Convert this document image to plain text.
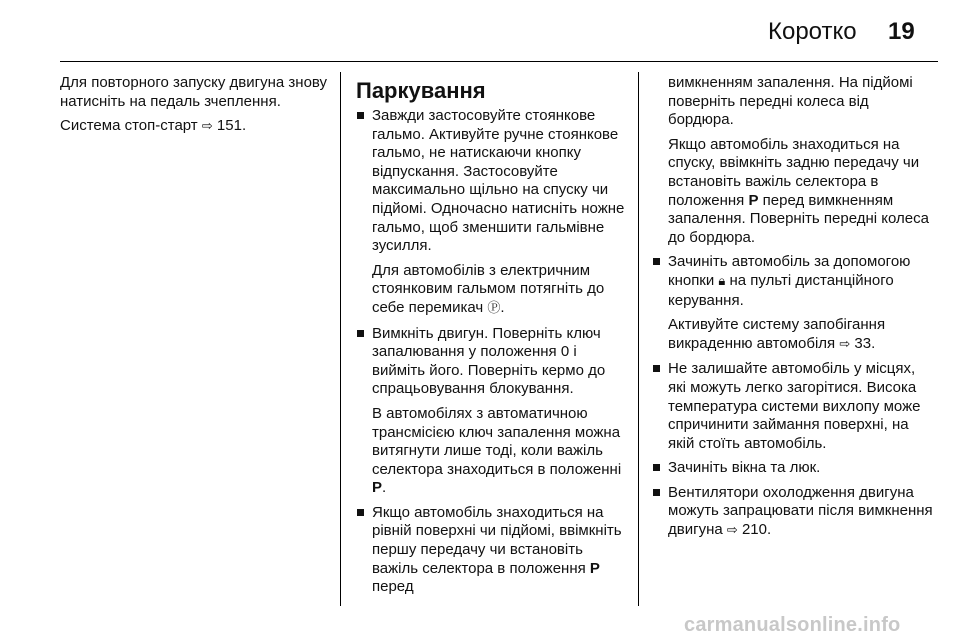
Коротко 19

Для повторного запуску двигуна знову натисніть на педаль зчеплення.

Система стоп-старт ⇨ 151.

Паркування

Завжди застосовуйте стоянкове гальмо. Активуйте ручне стоянкове гальмо, не натискаючи кнопку відпускання. Застосовуйте максимально щільно на спуску чи підйомі. Одночасно натисніть ножне гальмо, щоб зменшити гальмівне зусилля.

Для автомобілів з електричним стоянковим гальмом потягніть до себе перемикач Ⓟ.

Вимкніть двигун. Поверніть ключ запалювання у положення 0 і вийміть його. Поверніть кермо до спрацьовування блокування.

В автомобілях з автоматичною трансмісією ключ запалення можна витягнути лише тоді, коли важіль селектора знаходиться в положенні P.

Якщо автомобіль знаходиться на рівній поверхні чи підйомі, ввімкніть першу передачу чи встановіть важіль селектора в положення P перед

вимкненням запалення. На підйомі поверніть передні колеса від бордюра.

Якщо автомобіль знаходиться на спуску, ввімкніть задню передачу чи встановіть важіль селектора в положення P перед вимкненням запалення. Поверніть передні колеса до бордюра.

Зачиніть автомобіль за допомогою кнопки 🔒︎ на пульті дистанційного керування.

Активуйте систему запобігання викраденню автомобіля ⇨ 33.

Не залишайте автомобіль у місцях, які можуть легко загорітися. Висока температура системи вихлопу може спричинити займання поверхні, на якій стоїть автомобіль.

Зачиніть вікна та люк.

Вентилятори охолодження двигуна можуть запрацювати після вимкнення двигуна ⇨ 210.

carmanualsonline.info
